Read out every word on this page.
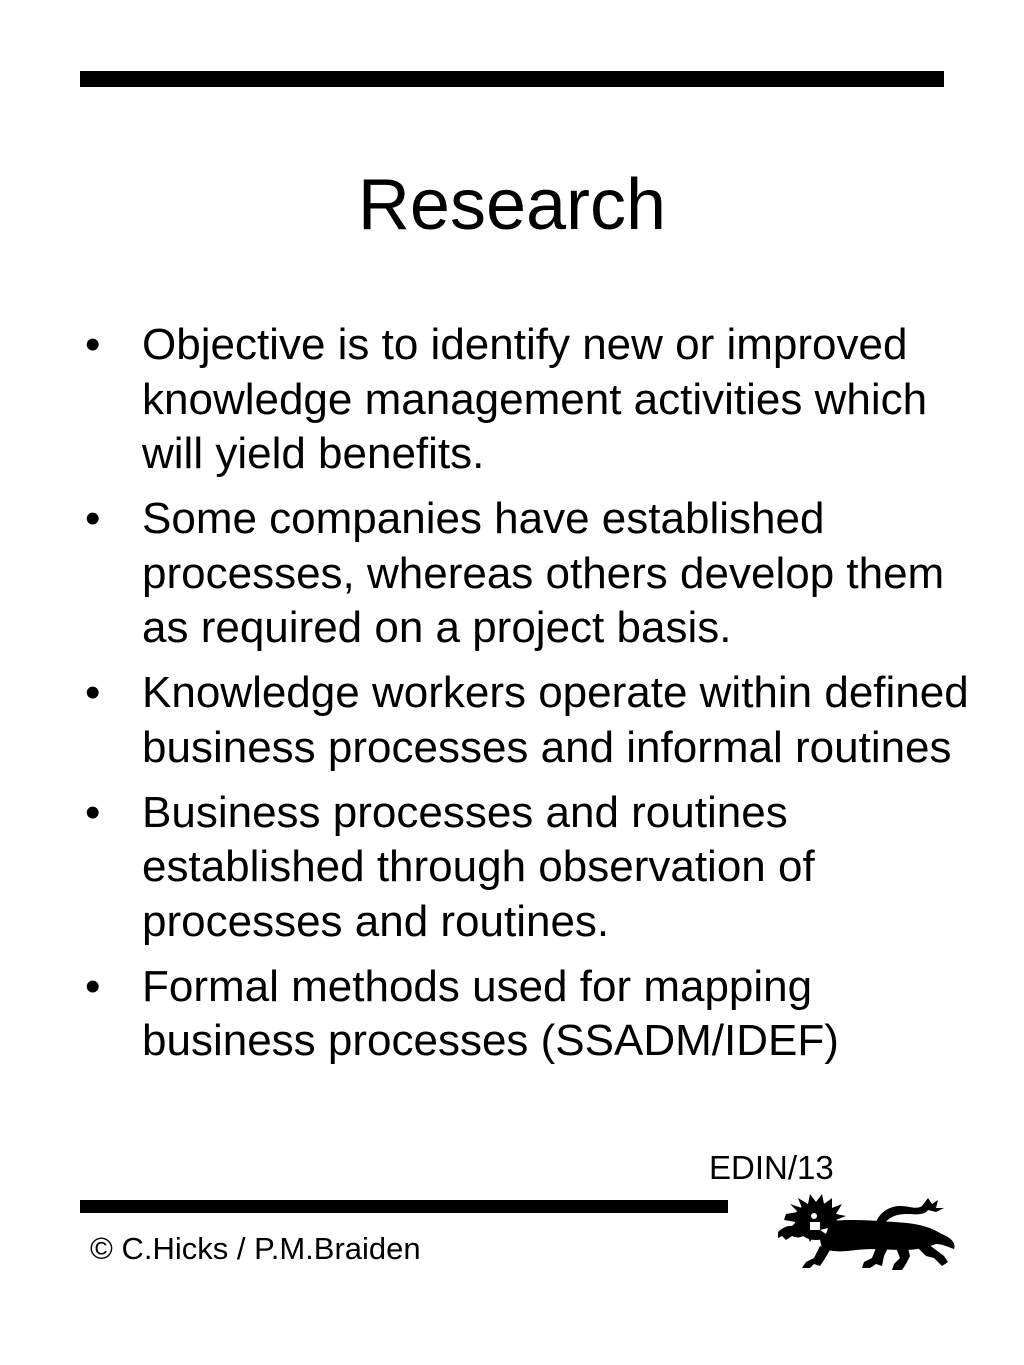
Research
• Objective is to identify new or improved knowledge management activities which will yield benefits.
• Some companies have established processes, whereas others develop them as required on a project basis.
• Knowledge workers operate within defined business processes and informal routines
• Business processes and routines established through observation of processes and routines.
• Formal methods used for mapping business processes (SSADM/IDEF)
EDIN/13
© C.Hicks / P.M.Braiden
